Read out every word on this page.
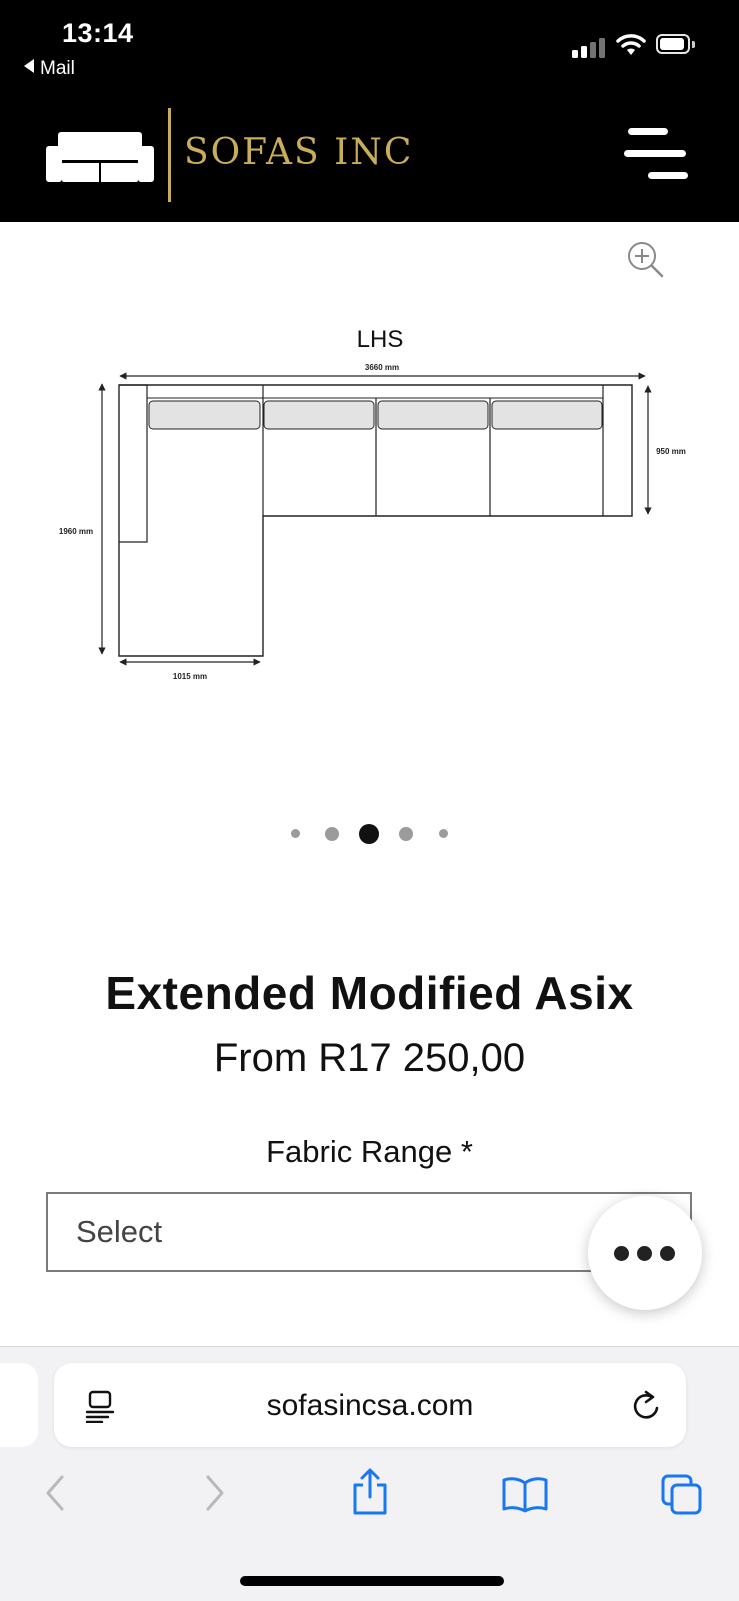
13:14
Mail
SOFAS INC
LHS
3660 mm
1960 mm
950 mm
1015 mm
Extended Modified Asix
From R17 250,00
Fabric Range *
Select
sofasincsa.com
